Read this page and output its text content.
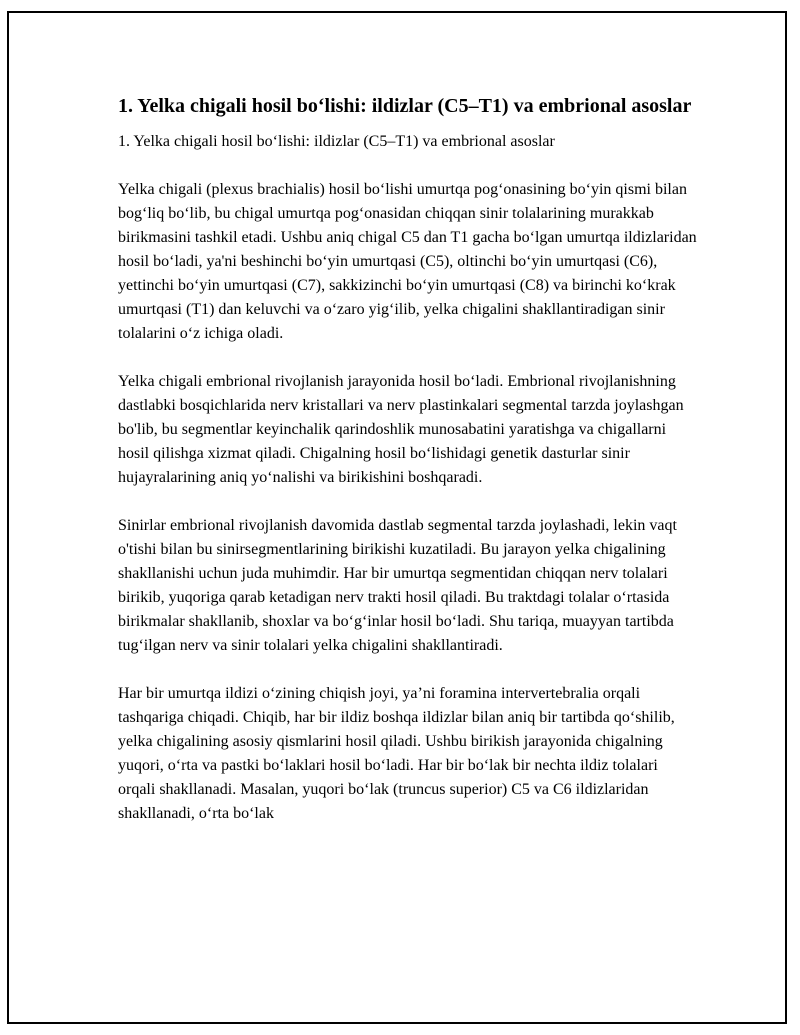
1. Yelka chigali hosil bo‘lishi: ildizlar (C5–T1) va embrional asoslar
1. Yelka chigali hosil bo‘lishi: ildizlar (C5–T1) va embrional asoslar

Yelka chigali (plexus brachialis) hosil bo‘lishi umurtqa pog‘onasining bo‘yin qismi bilan bog‘liq bo‘lib, bu chigal umurtqa pog‘onasidan chiqqan sinir tolalarining murakkab birikmasini tashkil etadi. Ushbu aniq chigal C5 dan T1 gacha bo‘lgan umurtqa ildizlaridan hosil bo‘ladi, ya'ni beshinchi bo‘yin umurtqasi (C5), oltinchi bo‘yin umurtqasi (C6), yettinchi bo‘yin umurtqasi (C7), sakkizinchi bo‘yin umurtqasi (C8) va birinchi ko‘krak umurtqasi (T1) dan keluvchi va o‘zaro yig‘ilib, yelka chigalini shakllantiradigan sinir tolalarini o‘z ichiga oladi.

Yelka chigali embrional rivojlanish jarayonida hosil bo‘ladi. Embrional rivojlanishning dastlabki bosqichlarida nerv kristallari va nerv plastinkalari segmental tarzda joylashgan bo'lib, bu segmentlar keyinchalik qarindoshlik munosabatini yaratishga va chigallarni hosil qilishga xizmat qiladi. Chigalning hosil bo‘lishidagi genetik dasturlar sinir hujayralarining aniq yo‘nalishi va birikishini boshqaradi.

Sinirlar embrional rivojlanish davomida dastlab segmental tarzda joylashadi, lekin vaqt o'tishi bilan bu sinirsegmentlarining birikishi kuzatiladi. Bu jarayon yelka chigalining shakllanishi uchun juda muhimdir. Har bir umurtqa segmentidan chiqqan nerv tolalari birikib, yuqoriga qarab ketadigan nerv trakti hosil qiladi. Bu traktdagi tolalar o‘rtasida birikmalar shakllanib, shoxlar va bo‘g‘inlar hosil bo‘ladi. Shu tariqa, muayyan tartibda tug‘ilgan nerv va sinir tolalari yelka chigalini shakllantiradi.

Har bir umurtqa ildizi o‘zining chiqish joyi, ya’ni foramina intervertebralia orqali tashqariga chiqadi. Chiqib, har bir ildiz boshqa ildizlar bilan aniq bir tartibda qo‘shilib, yelka chigalining asosiy qismlarini hosil qiladi. Ushbu birikish jarayonida chigalning yuqori, o‘rta va pastki bo‘laklari hosil bo‘ladi. Har bir bo‘lak bir nechta ildiz tolalari orqali shakllanadi. Masalan, yuqori bo‘lak (truncus superior) C5 va C6 ildizlaridan shakllanadi, o‘rta bo‘lak
